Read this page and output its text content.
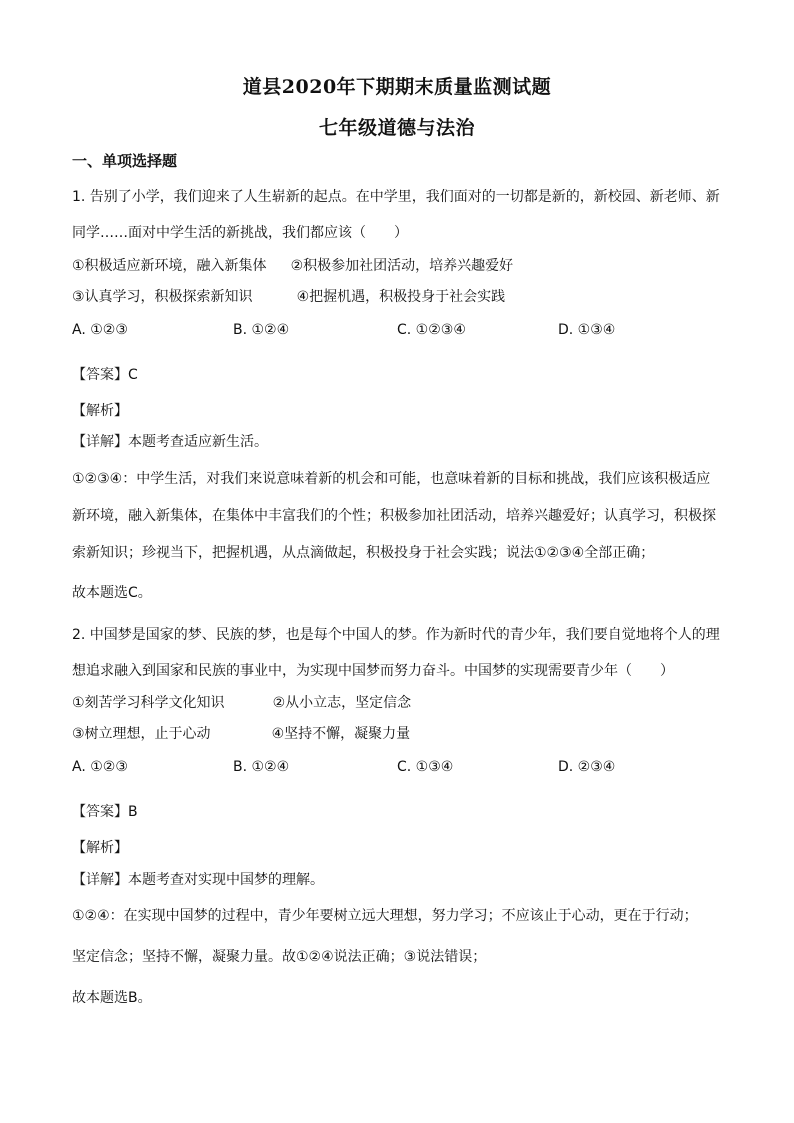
道县2020年下期期末质量监测试题
七年级道德与法治
一、单项选择题
1. 告别了小学，我们迎来了人生崭新的起点。在中学里，我们面对的一切都是新的，新校园、新老师、新
同学……面对中学生活的新挑战，我们都应该（　　）
①积极适应新环境，融入新集体 ②积极参加社团活动，培养兴趣爱好
③认真学习，积极探索新知识	④把握机遇，积极投身于社会实践
A. ①②③	B. ①②④	C. ①②③④	D. ①③④
【答案】C
【解析】
【详解】本题考查适应新生活。
①②③④：中学生活，对我们来说意味着新的机会和可能，也意味着新的目标和挑战，我们应该积极适应
新环境，融入新集体，在集体中丰富我们的个性；积极参加社团活动，培养兴趣爱好；认真学习，积极探
索新知识；珍视当下，把握机遇，从点滴做起，积极投身于社会实践；说法①②③④全部正确；
故本题选C。
2. 中国梦是国家的梦、民族的梦，也是每个中国人的梦。作为新时代的青少年，我们要自觉地将个人的理
想追求融入到国家和民族的事业中，为实现中国梦而努力奋斗。中国梦的实现需要青少年（　　）
①刻苦学习科学文化知识	②从小立志，坚定信念
③树立理想，止于心动	④坚持不懈，凝聚力量
A. ①②③	B. ①②④	C. ①③④	D. ②③④
【答案】B
【解析】
【详解】本题考查对实现中国梦的理解。
①②④：在实现中国梦的过程中，青少年要树立远大理想，努力学习；不应该止于心动，更在于行动；
坚定信念；坚持不懈，凝聚力量。故①②④说法正确；③说法错误；
故本题选B。
